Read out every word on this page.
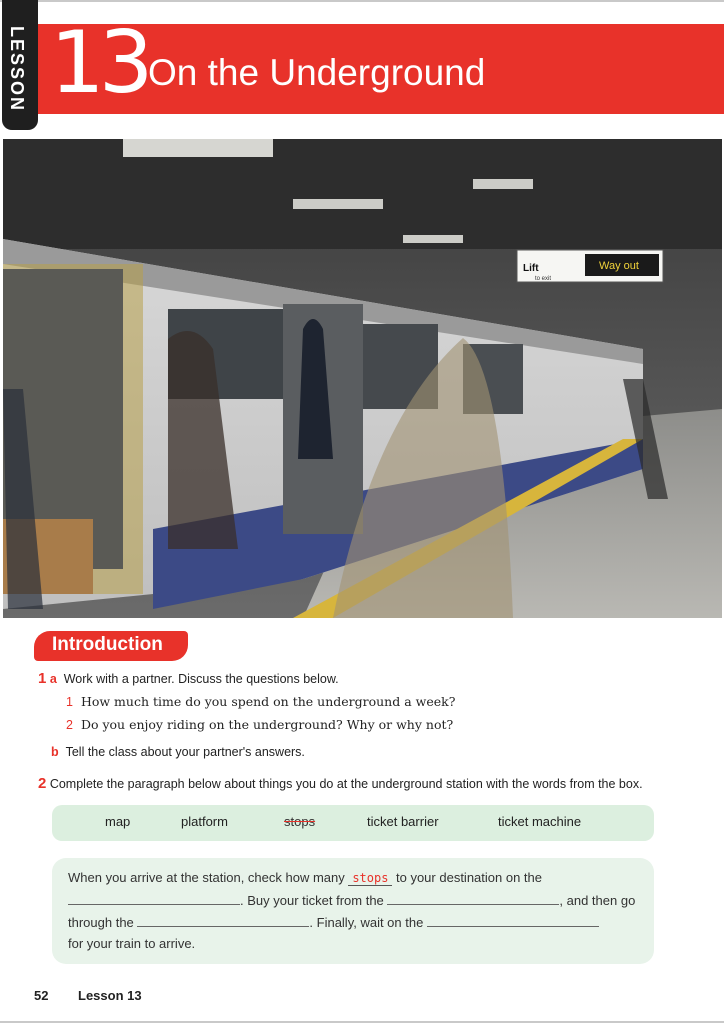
LESSON 13 On the Underground
Lift
to exit
Way out
Introduction
1 a Work with a partner. Discuss the questions below.
1 How much time do you spend on the underground a week?
2 Do you enjoy riding on the underground? Why or why not?
b Tell the class about your partner's answers.
2 Complete the paragraph below about things you do at the underground station with the words from the box.
map	platform	stops	ticket barrier	ticket machine
When you arrive at the station, check how many stops to your destination on the
. Buy your ticket from the	, and then go
through the	. Finally, wait on the
for your train to arrive.
52 Lesson 13
